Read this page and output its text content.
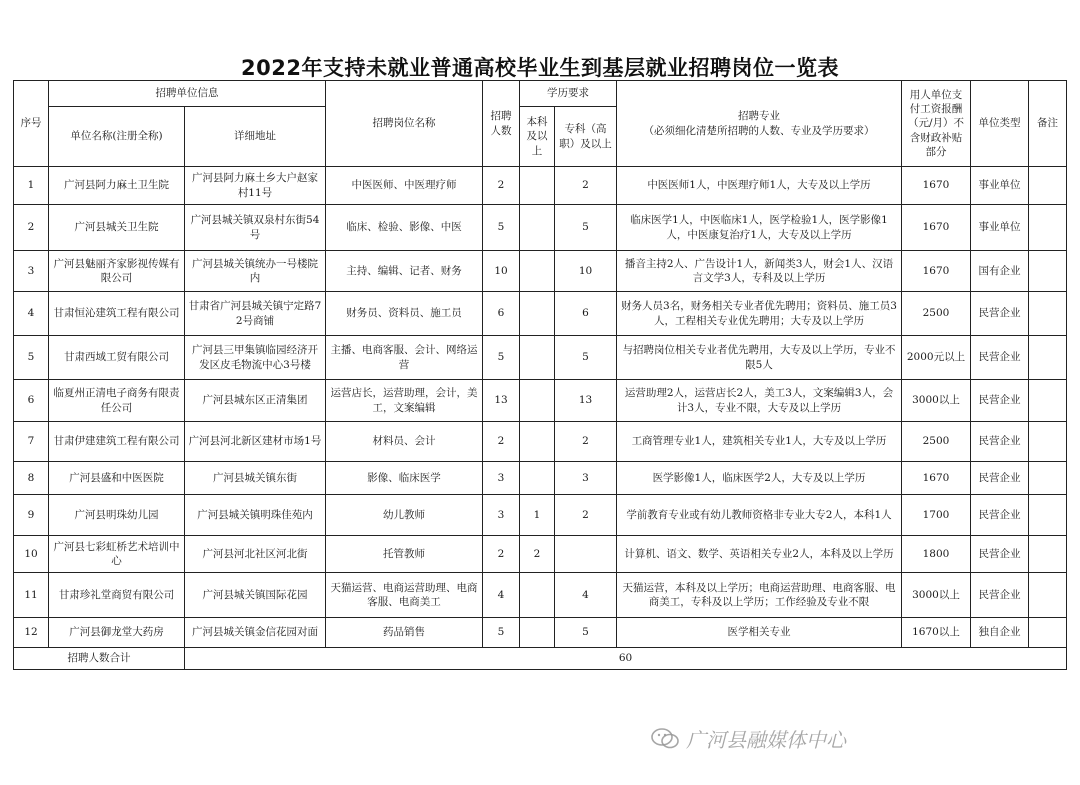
2022年支持未就业普通高校毕业生到基层就业招聘岗位一览表
序号	招聘单位信息		招聘岗位名称	招聘人数	学历要求		招聘专业
（必须细化清楚所招聘的人数、专业及学历要求）	用人单位支付工资报酬（元/月）不含财政补贴部分	单位类型	备注
	单位名称(注册全称)	详细地址			本科及以上	专科（高职）及以上				
1	广河县阿力麻土卫生院	广河县阿力麻土乡大户赵家村11号	中医医师、中医理疗师	2		2	中医医师1人，中医理疗师1人，大专及以上学历	1670	事业单位	
2	广河县城关卫生院	广河县城关镇双泉村东街54号	临床、检验、影像、中医	5		5	临床医学1人，中医临床1人，医学检验1人，医学影像1人，中医康复治疗1人，大专及以上学历	1670	事业单位	
3	广河县魅丽齐家影视传媒有限公司	广河县城关镇统办一号楼院内	主持、编辑、记者、财务	10		10	播音主持2人、广告设计1人，新闻类3人，财会1人、汉语言文学3人，专科及以上学历	1670	国有企业	
4	甘肃恒沁建筑工程有限公司	甘肃省广河县城关镇宁定路72号商铺	财务员、资料员、施工员	6		6	财务人员3名，财务相关专业者优先聘用；资料员、施工员3人，工程相关专业优先聘用；大专及以上学历	2500	民营企业	
5	甘肃西域工贸有限公司	广河县三甲集镇临园经济开发区皮毛物流中心3号楼	主播、电商客服、会计、网络运营	5		5	与招聘岗位相关专业者优先聘用，大专及以上学历，专业不限5人	2000元以上	民营企业	
6	临夏州正清电子商务有限责任公司	广河县城东区正清集团	运营店长，运营助理，会计，美工，文案编辑	13		13	运营助理2人，运营店长2人，美工3人，文案编辑3人，会计3人，专业不限，大专及以上学历	3000以上	民营企业	
7	甘肃伊建建筑工程有限公司	广河县河北新区建材市场1号	材料员、会计	2		2	工商管理专业1人，建筑相关专业1人，大专及以上学历	2500	民营企业	
8	广河县盛和中医医院	广河县城关镇东街	影像、临床医学	3		3	医学影像1人，临床医学2人，大专及以上学历	1670	民营企业	
9	广河县明珠幼儿园	广河县城关镇明珠佳苑内	幼儿教师	3	1	2	学前教育专业或有幼儿教师资格非专业大专2人，本科1人	1700	民营企业	
10	广河县七彩虹桥艺术培训中心	广河县河北社区河北街	托管教师	2	2		计算机、语文、数学、英语相关专业2人，本科及以上学历	1800	民营企业	
11	甘肃珍礼堂商贸有限公司	广河县城关镇国际花园	天猫运营、电商运营助理、电商客服、电商美工	4		4	天猫运营，本科及以上学历；电商运营助理、电商客服、电商美工，专科及以上学历；工作经验及专业不限	3000以上	民营企业	
12	广河县御龙堂大药房	广河县城关镇金信花园对面	药品销售	5		5	医学相关专业	1670以上	独自企业	
招聘人数合计		60								
广河县融媒体中心
